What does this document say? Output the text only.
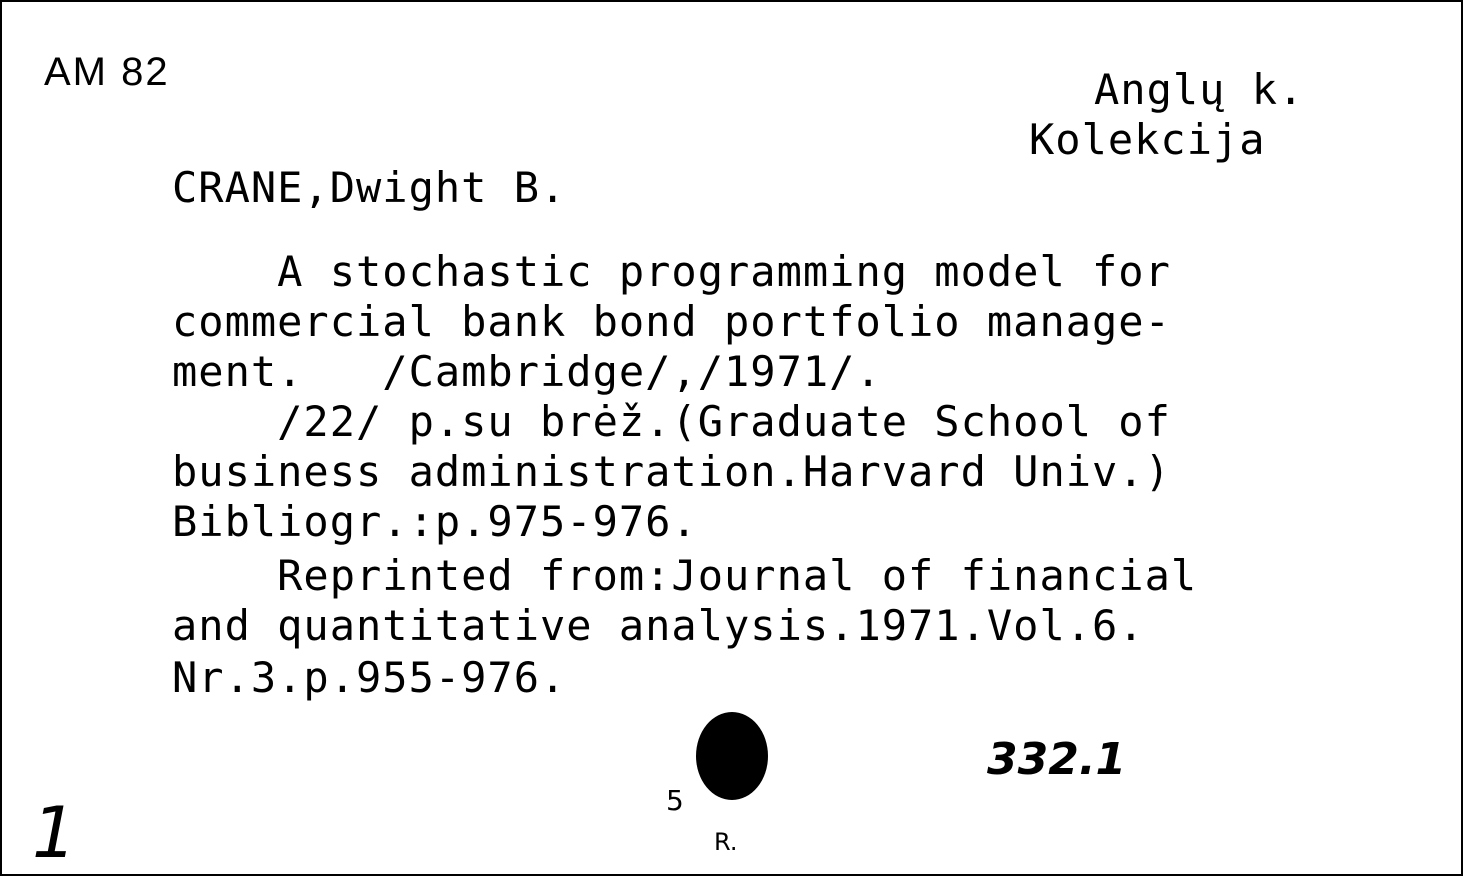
AM 82	Anglų k.
Kolekcija
CRANE,Dwight B.
A stochastic programming model for
commercial bank bond portfolio manage-
ment.   /Cambridge/,/1971/.
/22/ p.su brėž.(Graduate School of
business administration.Harvard Univ.)
Bibliogr.:p.975-976.
Reprinted from:Journal of financial
and quantitative analysis.1971.Vol.6.
Nr.3.p.955-976.
1	5
R.
332.1
